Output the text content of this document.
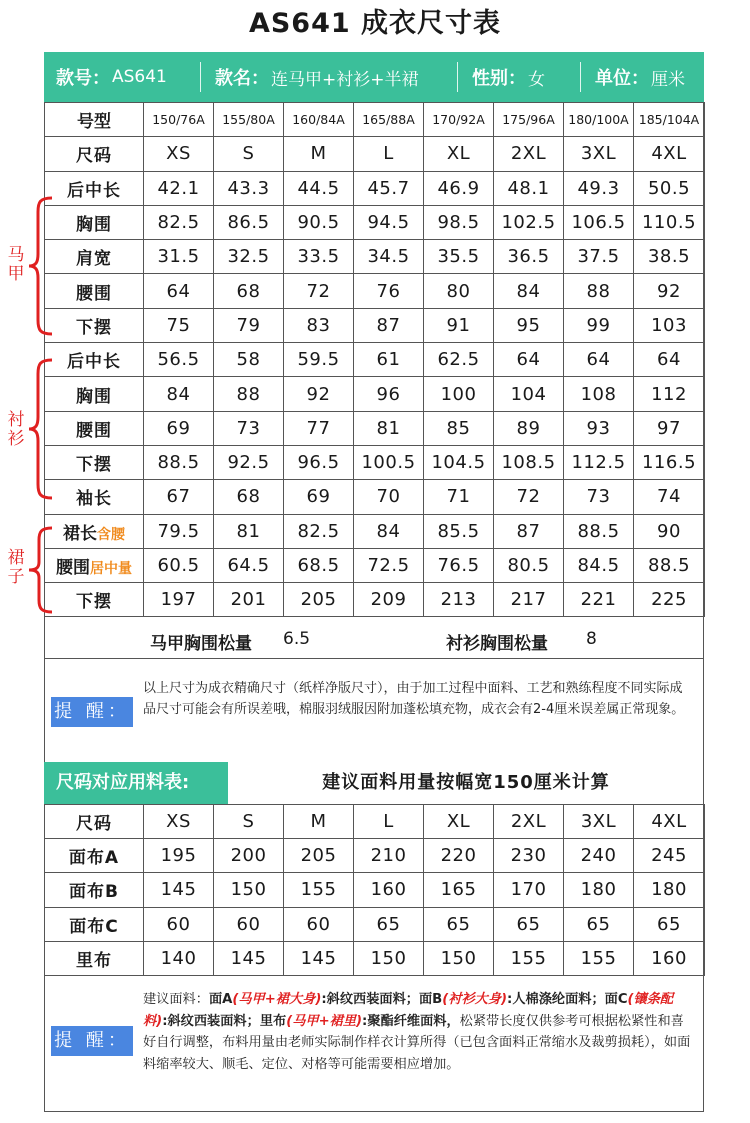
AS641 成衣尺寸表
款号： AS641	款名： 连马甲+衬衫+半裙	性别： 女	单位： 厘米
号型	150/76A	155/80A	160/84A	165/88A	170/92A	175/96A	180/100A	185/104A
尺码	XS	S	M	L	XL	2XL	3XL	4XL
后中长	42.1	43.3	44.5	45.7	46.9	48.1	49.3	50.5
胸围	82.5	86.5	90.5	94.5	98.5	102.5	106.5	110.5
肩宽	31.5	32.5	33.5	34.5	35.5	36.5	37.5	38.5
腰围	64	68	72	76	80	84	88	92
下摆	75	79	83	87	91	95	99	103
后中长	56.5	58	59.5	61	62.5	64	64	64
胸围	84	88	92	96	100	104	108	112
腰围	69	73	77	81	85	89	93	97
下摆	88.5	92.5	96.5	100.5	104.5	108.5	112.5	116.5
袖长	67	68	69	70	71	72	73	74
裙长含腰	79.5	81	82.5	84	85.5	87	88.5	90
腰围居中量	60.5	64.5	68.5	72.5	76.5	80.5	84.5	88.5
下摆	197	201	205	209	213	217	221	225
马
甲
衬
衫
裙
子
马甲胸围松量 6.5	衬衫胸围松量 8
提 醒：
以上尺寸为成衣精确尺寸（纸样净版尺寸），由于加工过程中面料、工艺和熟练程度不同实际成品尺寸可能会有所误差哦，棉服羽绒服因附加蓬松填充物，成衣会有2-4厘米误差属正常现象。
尺码对应用料表:	建议面料用量按幅宽150厘米计算
尺码	XS	S	M	L	XL	2XL	3XL	4XL
面布A	195	200	205	210	220	230	240	245
面布B	145	150	155	160	165	170	180	180
面布C	60	60	60	65	65	65	65	65
里布	140	145	145	150	150	155	155	160
提 醒：
建议面料：面A(马甲+裙大身):斜纹西装面料；面B(衬衫大身):人棉涤纶面料；面C(镶条配料):斜纹西装面料；里布(马甲+裙里):聚酯纤维面料，松紧带长度仅供参考可根据松紧性和喜好自行调整，布料用量由老师实际制作样衣计算所得（已包含面料正常缩水及裁剪损耗），如面料缩率较大、顺毛、定位、对格等可能需要相应增加。
